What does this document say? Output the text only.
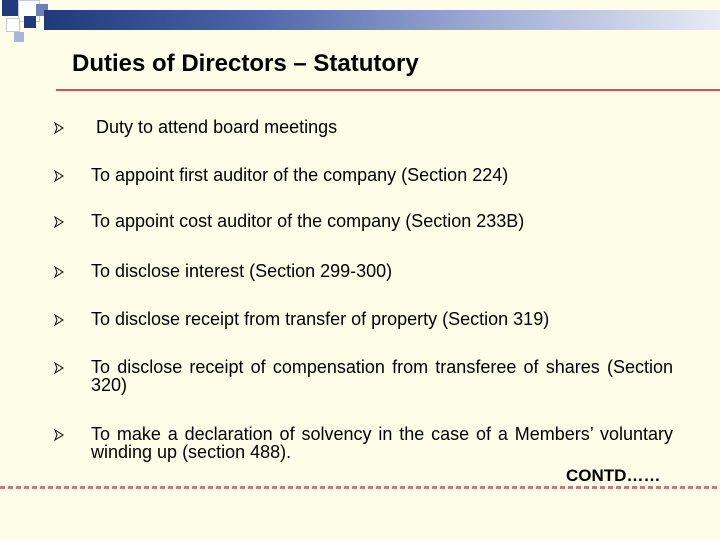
Duties of Directors – Statutory
Duty to attend board meetings
To appoint first auditor of the company (Section 224)
To appoint cost auditor of the company (Section 233B)
To disclose interest (Section 299-300)
To disclose receipt from transfer of property (Section 319)
To disclose receipt of compensation from transferee of shares (Section 320)
To make a declaration of solvency in the case of a Members’ voluntary winding up (section 488).
CONTD……
